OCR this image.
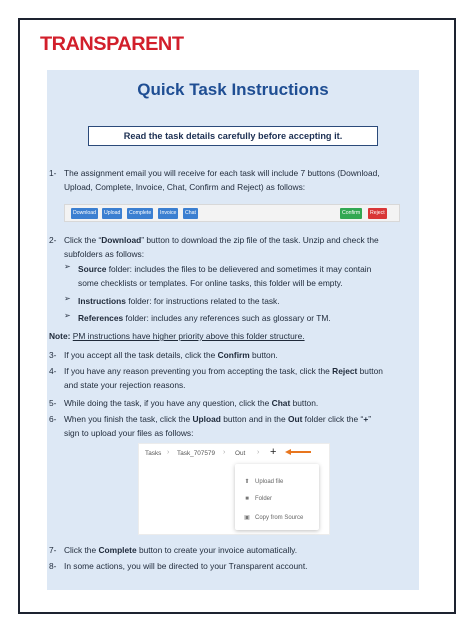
TRANSPARENT
Quick Task Instructions
Read the task details carefully before accepting it.
1- The assignment email you will receive for each task will include 7 buttons (Download,
Upload, Complete, Invoice, Chat, Confirm and Reject) as follows:
Download	Upload	Complete	Invoice	Chat	Confirm	Reject
2- Click the “Download” button to download the zip file of the task. Unzip and check the
subfolders as follows:
➢ Source folder: includes the files to be delievered and sometimes it may contain
some checklists or templates. For online tasks, this folder will be empty.
➢ Instructions folder: for instructions related to the task.
➢ References folder: includes any references such as glossary or TM.
Note: PM instructions have higher priority above this folder structure.
3- If you accept all the task details, click the Confirm button.
4- If you have any reason preventing you from accepting the task, click the Reject button
and state your rejection reasons.
5- While doing the task, if you have any question, click the Chat button.
6- When you finish the task, click the Upload button and in the Out folder click the “+”
sign to upload your files as follows:
Tasks › Task_707579 › Out › +
⬆ Upload file
■ Folder
▣ Copy from Source
7- Click the Complete button to create your invoice automatically.
8- In some actions, you will be directed to your Transparent account.
